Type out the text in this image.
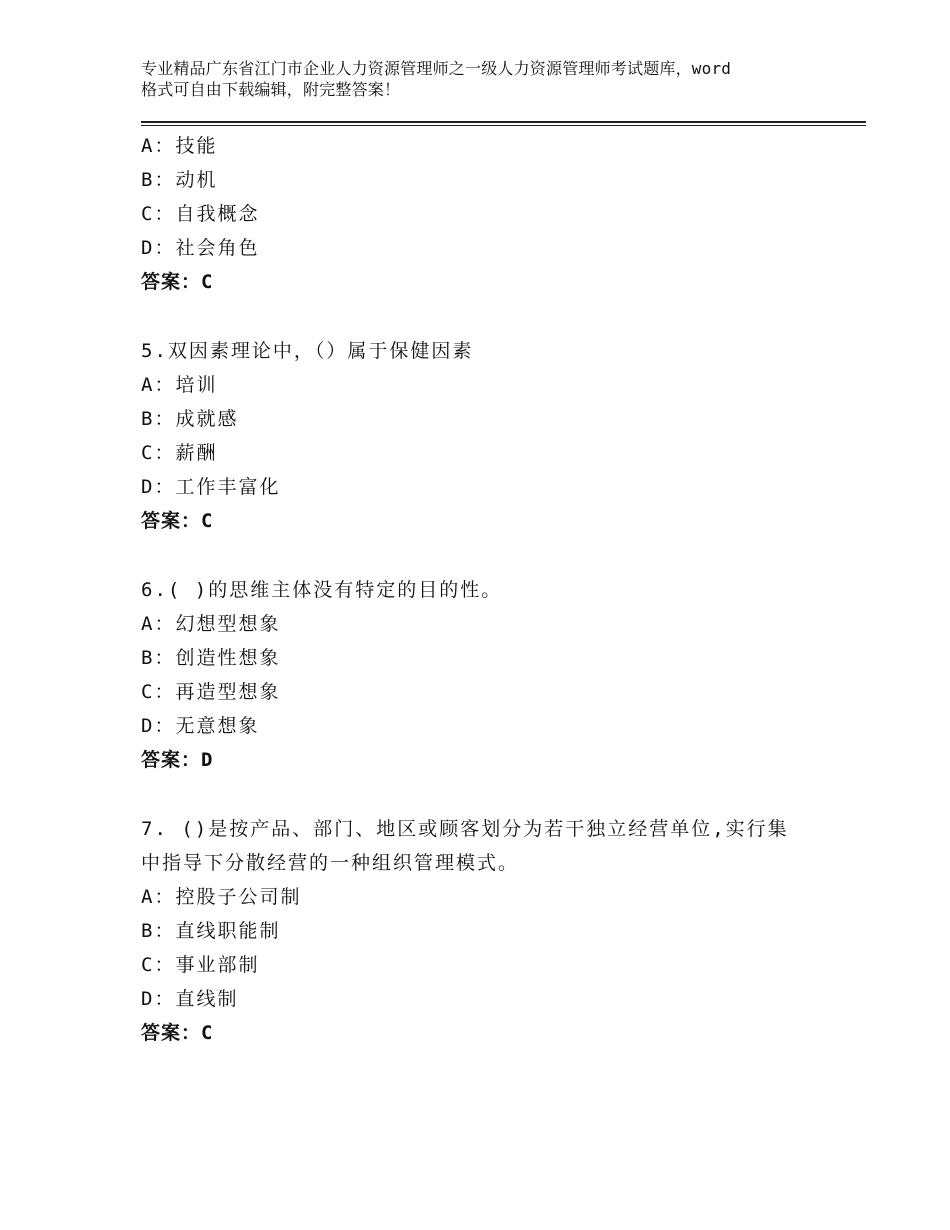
专业精品广东省江门市企业人力资源管理师之一级人力资源管理师考试题库，word
格式可自由下载编辑，附完整答案！
A：技能
B：动机
C：自我概念
D：社会角色
答案：C
5.双因素理论中，（）属于保健因素
A：培训
B：成就感
C：薪酬
D：工作丰富化
答案：C
6.( )的思维主体没有特定的目的性。
A：幻想型想象
B：创造性想象
C：再造型想象
D：无意想象
答案：D
7. ()是按产品、部门、地区或顾客划分为若干独立经营单位,实行集
中指导下分散经营的一种组织管理模式。
A：控股子公司制
B：直线职能制
C：事业部制
D：直线制
答案：C
